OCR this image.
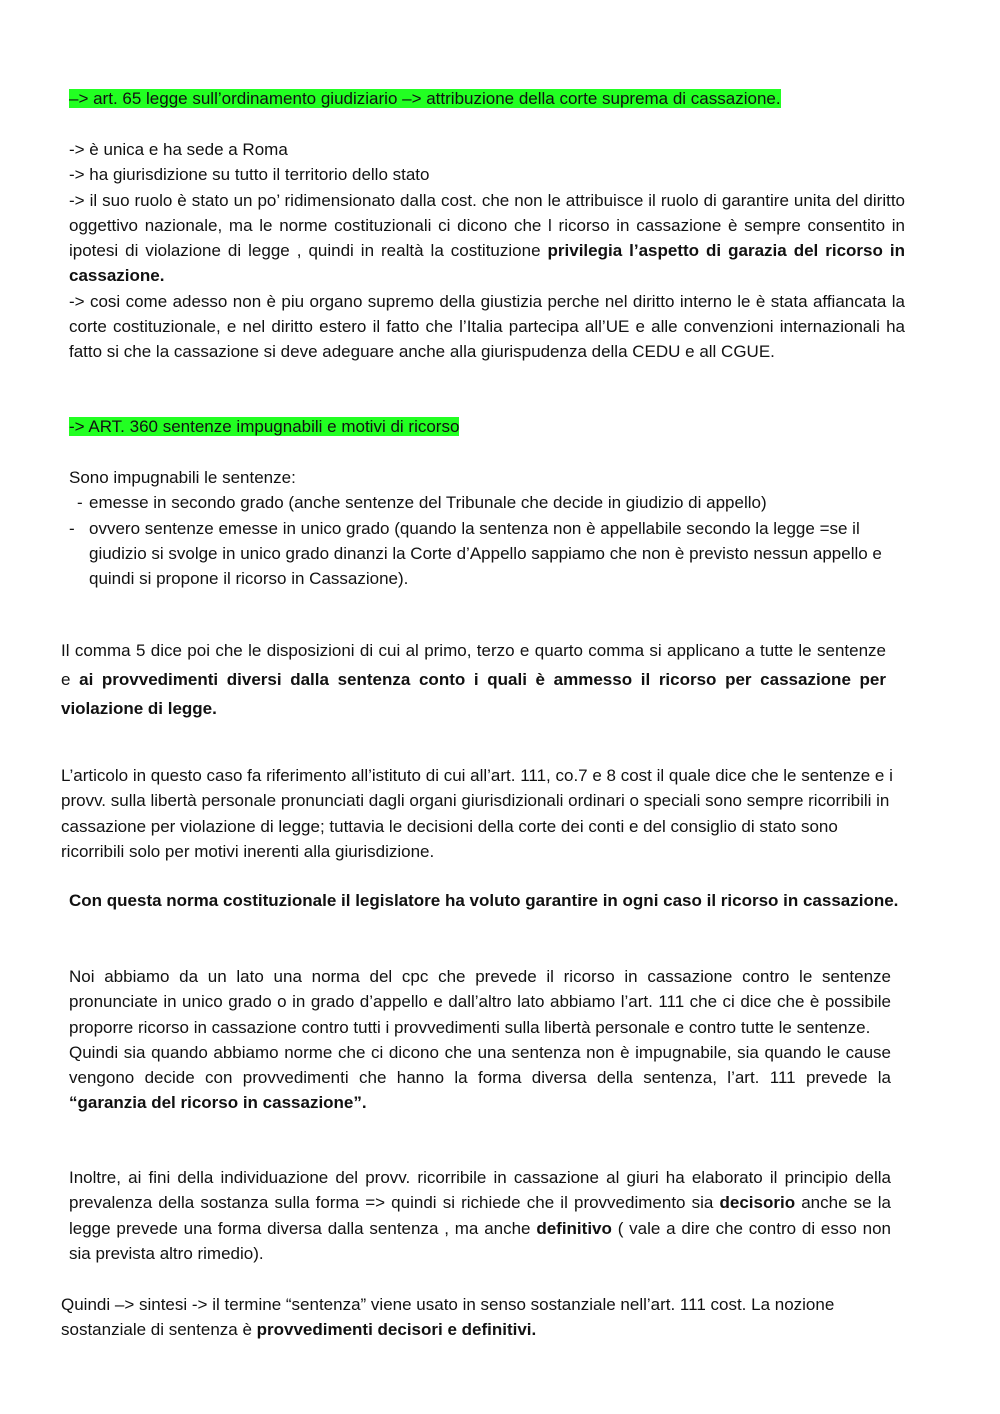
–> art. 65 legge sull’ordinamento giudiziario –> attribuzione della corte suprema di cassazione.

-> è unica e ha sede a Roma
-> ha giurisdizione su tutto il territorio dello stato
-> il suo ruolo è stato un po’ ridimensionato dalla cost. che non le attribuisce il ruolo di garantire unita del diritto oggettivo nazionale, ma le norme costituzionali ci dicono che l ricorso in cassazione è sempre consentito in ipotesi di violazione di legge , quindi in realtà la costituzione privilegia l’aspetto di garazia del ricorso in cassazione.
-> cosi come adesso non è piu organo supremo della giustizia perche nel diritto interno le è stata affiancata la corte costituzionale, e nel diritto estero il fatto che l’Italia partecipa all’UE e alle convenzioni internazionali ha fatto si che la cassazione si deve adeguare anche alla giurispudenza della CEDU e all CGUE.

-> ART. 360 sentenze impugnabili e motivi di ricorso

Sono impugnabili le sentenze:
- emesse in secondo grado (anche sentenze del Tribunale che decide in giudizio di appello)
- ovvero sentenze emesse in unico grado (quando la sentenza non è appellabile secondo la legge =se il giudizio si svolge in unico grado dinanzi la Corte d’Appello sappiamo che non è previsto nessun appello e quindi si propone il ricorso in Cassazione).

Il comma 5 dice poi che le disposizioni di cui al primo, terzo e quarto comma si applicano a tutte le sentenze e ai provvedimenti diversi dalla sentenza conto i quali è ammesso il ricorso per cassazione per violazione di legge.

L’articolo in questo caso fa riferimento all’istituto di cui all’art. 111, co.7 e 8 cost il quale dice che le sentenze e i provv. sulla libertà personale pronunciati dagli organi giurisdizionali ordinari o speciali sono sempre ricorribili in cassazione per violazione di legge; tuttavia le decisioni della corte dei conti e del consiglio di stato sono ricorribili solo per motivi inerenti alla giurisdizione.

Con questa norma costituzionale il legislatore ha voluto garantire in ogni caso il ricorso in cassazione.

Noi abbiamo da un lato una norma del cpc che prevede il ricorso in cassazione contro le sentenze pronunciate in unico grado o in grado d’appello e dall’altro lato abbiamo l’art. 111 che ci dice che è possibile proporre ricorso in cassazione contro tutti i provvedimenti sulla libertà personale e contro tutte le sentenze.
Quindi sia quando abbiamo norme che ci dicono che una sentenza non è impugnabile, sia quando le cause vengono decide con provvedimenti che hanno la forma diversa della sentenza, l’art. 111 prevede la “garanzia del ricorso in cassazione”.

Inoltre, ai fini della individuazione del provv. ricorribile in cassazione al giuri ha elaborato il principio della prevalenza della sostanza sulla forma => quindi si richiede che il provvedimento sia decisorio anche se la legge prevede una forma diversa dalla sentenza , ma anche definitivo ( vale a dire che contro di esso non sia prevista altro rimedio).

Quindi –> sintesi -> il termine “sentenza” viene usato in senso sostanziale nell’art. 111 cost. La nozione sostanziale di sentenza è provvedimenti decisori e definitivi.
